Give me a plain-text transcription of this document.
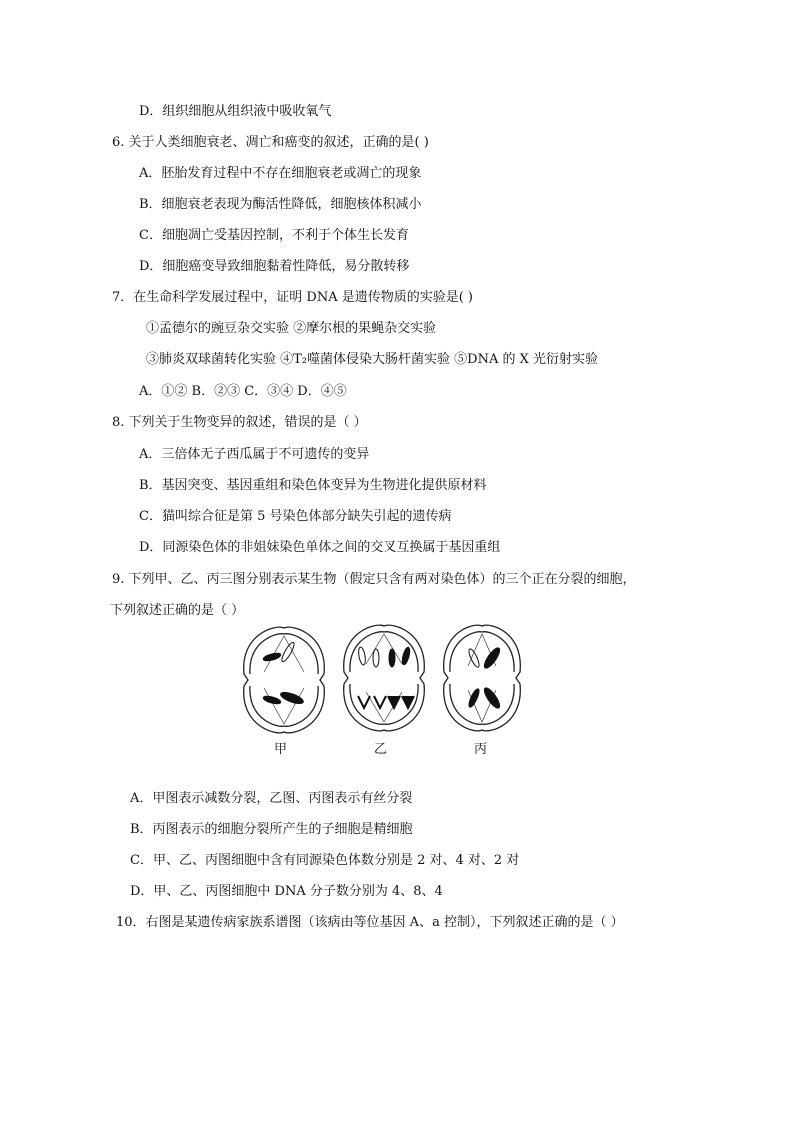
D．组织细胞从组织液中吸收氧气
6. 关于人类细胞衰老、凋亡和癌变的叙述，正确的是( )
A．胚胎发育过程中不存在细胞衰老或凋亡的现象
B．细胞衰老表现为酶活性降低，细胞核体积减小
C．细胞凋亡受基因控制，不利于个体生长发育
D．细胞癌变导致细胞黏着性降低，易分散转移
7．在生命科学发展过程中，证明 DNA 是遗传物质的实验是( )
①孟德尔的豌豆杂交实验 ②摩尔根的果蝇杂交实验
③肺炎双球菌转化实验 ④T₂噬菌体侵染大肠杆菌实验 ⑤DNA 的 X 光衍射实验
A．①② B．②③ C．③④ D．④⑤
8. 下列关于生物变异的叙述，错误的是（ ）
A．三倍体无子西瓜属于不可遗传的变异
B．基因突变、基因重组和染色体变异为生物进化提供原材料
C．猫叫综合征是第 5 号染色体部分缺失引起的遗传病
D．同源染色体的非姐妹染色单体之间的交叉互换属于基因重组
9. 下列甲、乙、丙三图分别表示某生物（假定只含有两对染色体）的三个正在分裂的细胞，
下列叙述正确的是（ ）
甲	乙	丙
A．甲图表示减数分裂，乙图、丙图表示有丝分裂
B．丙图表示的细胞分裂所产生的子细胞是精细胞
C．甲、乙、丙图细胞中含有同源染色体数分别是 2 对、4 对、2 对
D．甲、乙、丙图细胞中 DNA 分子数分别为 4、8、4
10．右图是某遗传病家族系谱图（该病由等位基因 A、a 控制），下列叙述正确的是（ ）
